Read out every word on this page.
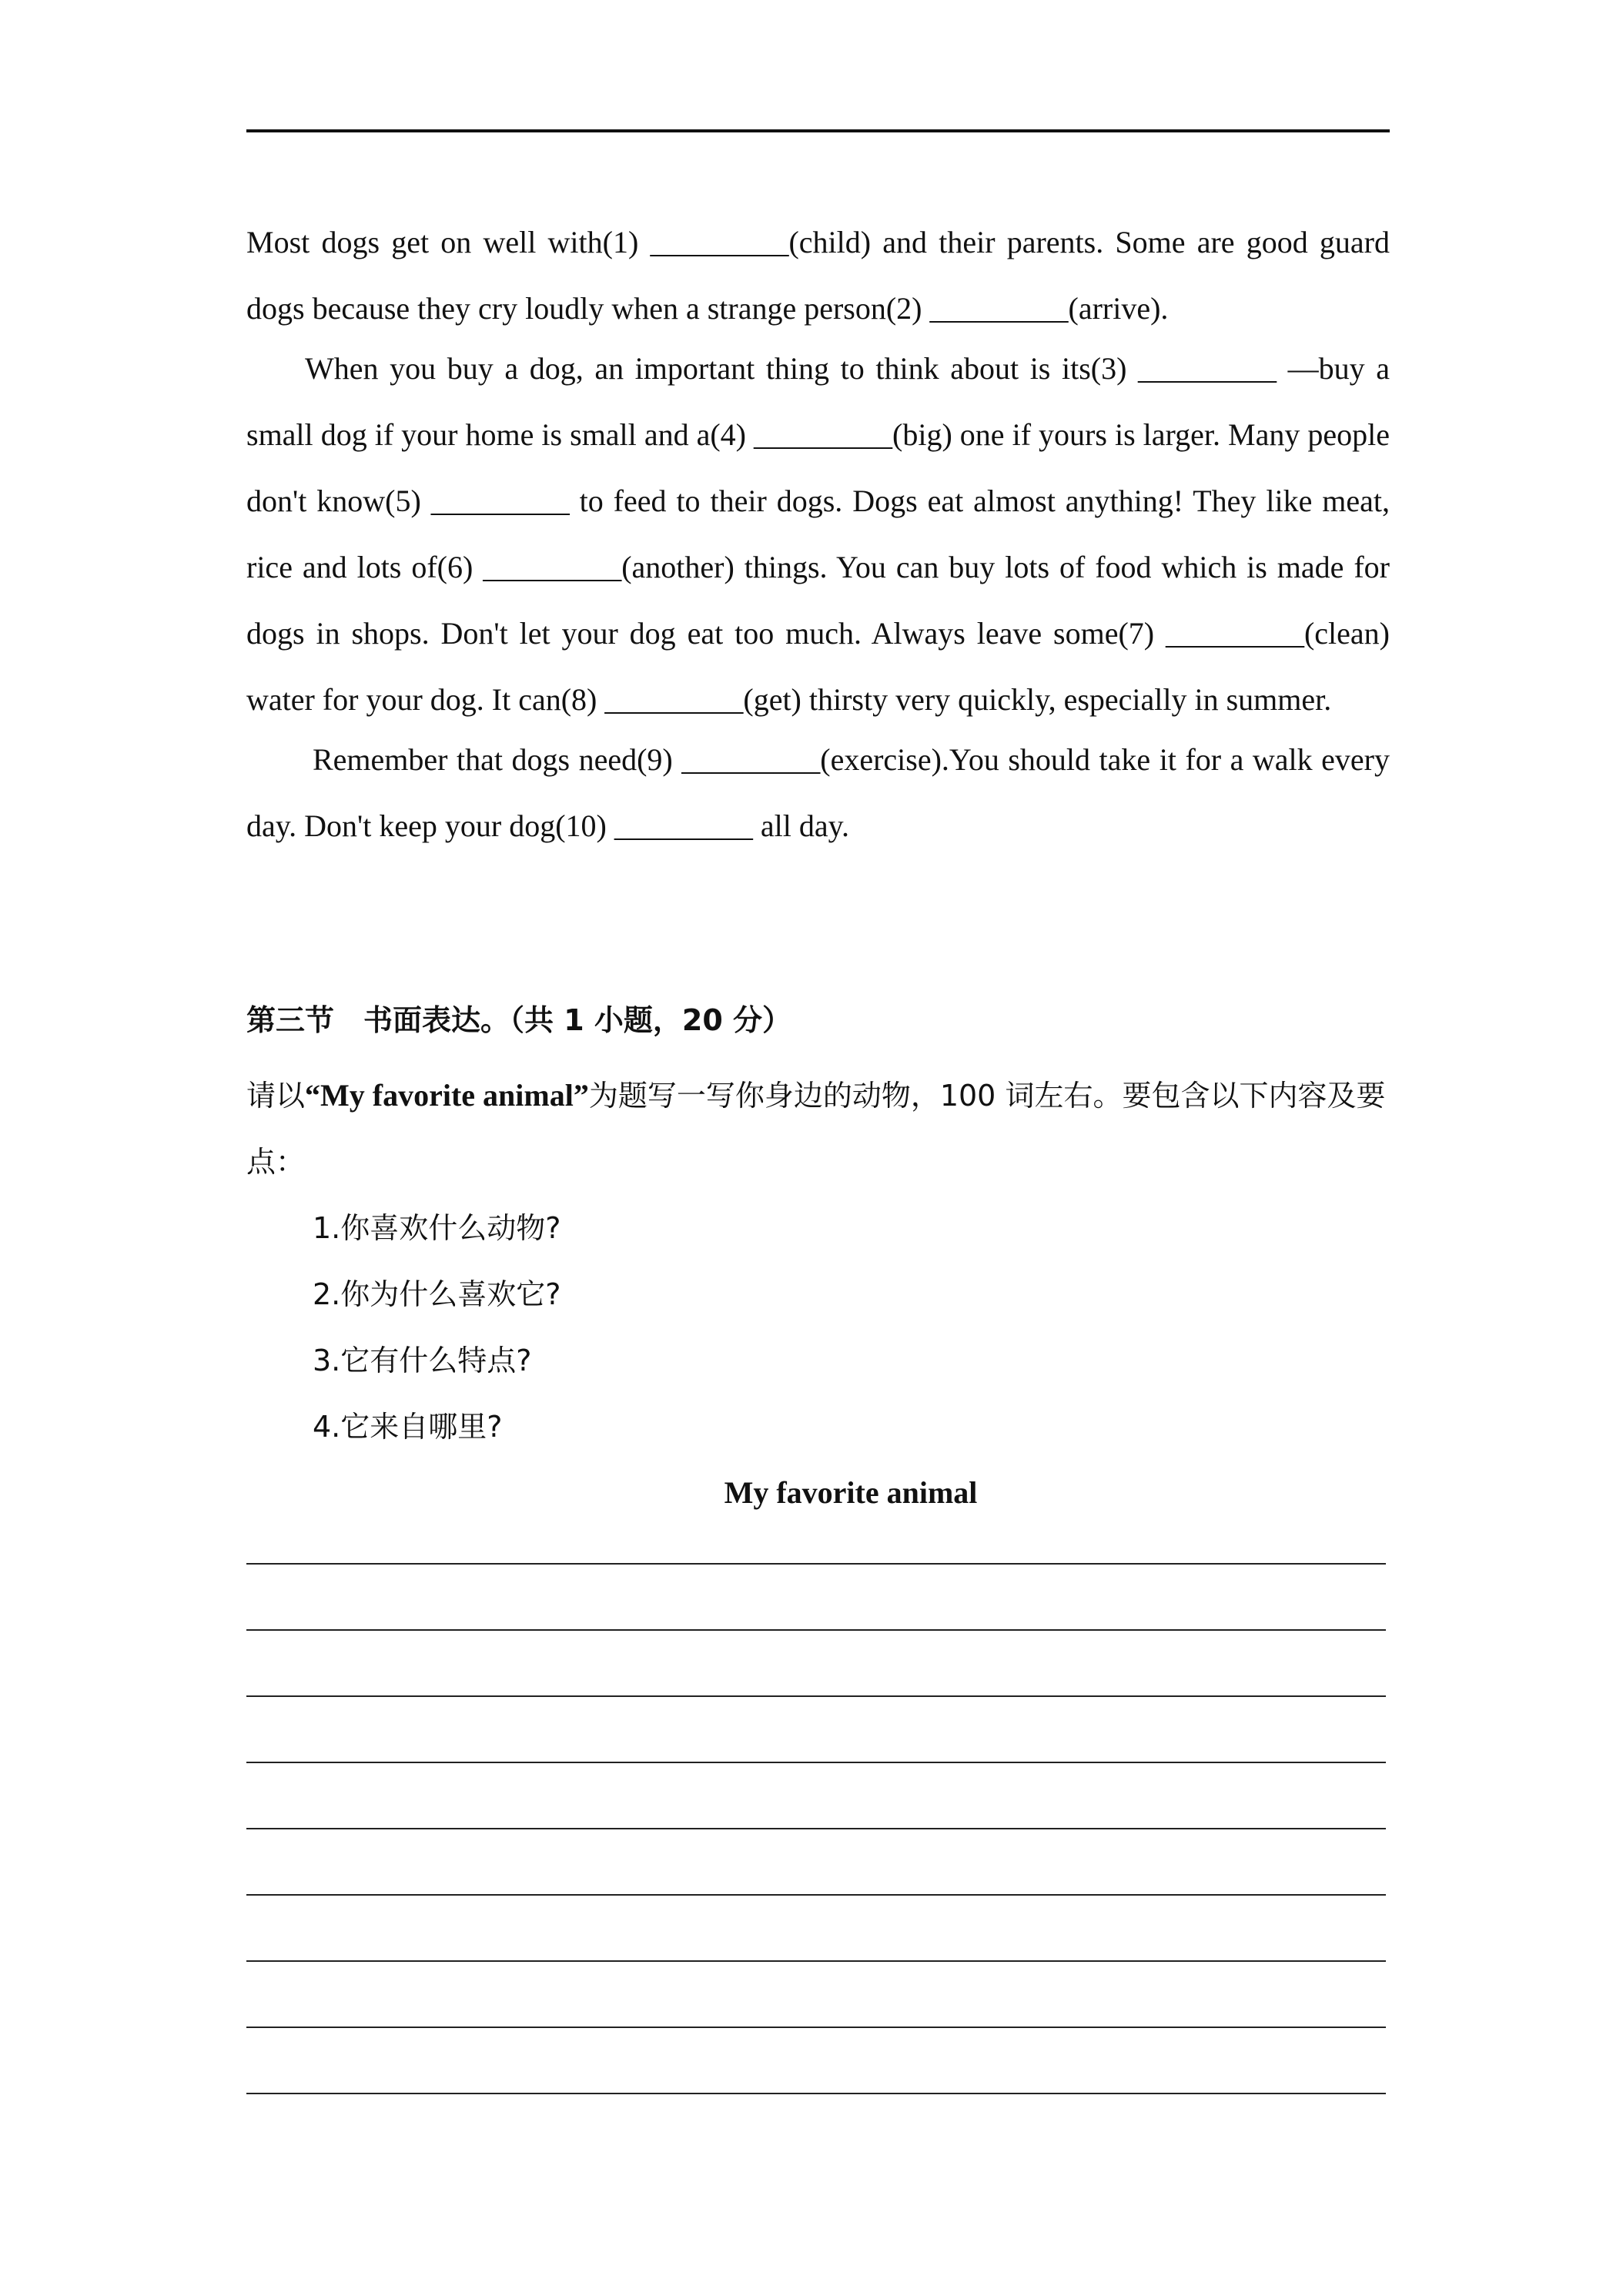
Most dogs get on well with(1) _________(child) and their parents. Some are good guard dogs because they cry loudly when a strange person(2) _________(arrive).

When you buy a dog, an important thing to think about is its(3) _________ —buy a small dog if your home is small and a(4) _________(big) one if yours is larger. Many people don't know(5) _________ to feed to their dogs. Dogs eat almost anything! They like meat, rice and lots of(6) _________(another) things. You can buy lots of food which is made for dogs in shops. Don't let your dog eat too much. Always leave some(7) _________(clean) water for your dog. It can(8) _________(get) thirsty very quickly, especially in summer.

Remember that dogs need(9) _________(exercise).You should take it for a walk every day. Don't keep your dog(10) _________ all day.

第三节　书面表达。（共 1 小题，20 分）
请以“My favorite animal”为题写一写你身边的动物，100 词左右。要包含以下内容及要点：
1.你喜欢什么动物?
2.你为什么喜欢它?
3.它有什么特点?
4.它来自哪里?
My favorite animal
